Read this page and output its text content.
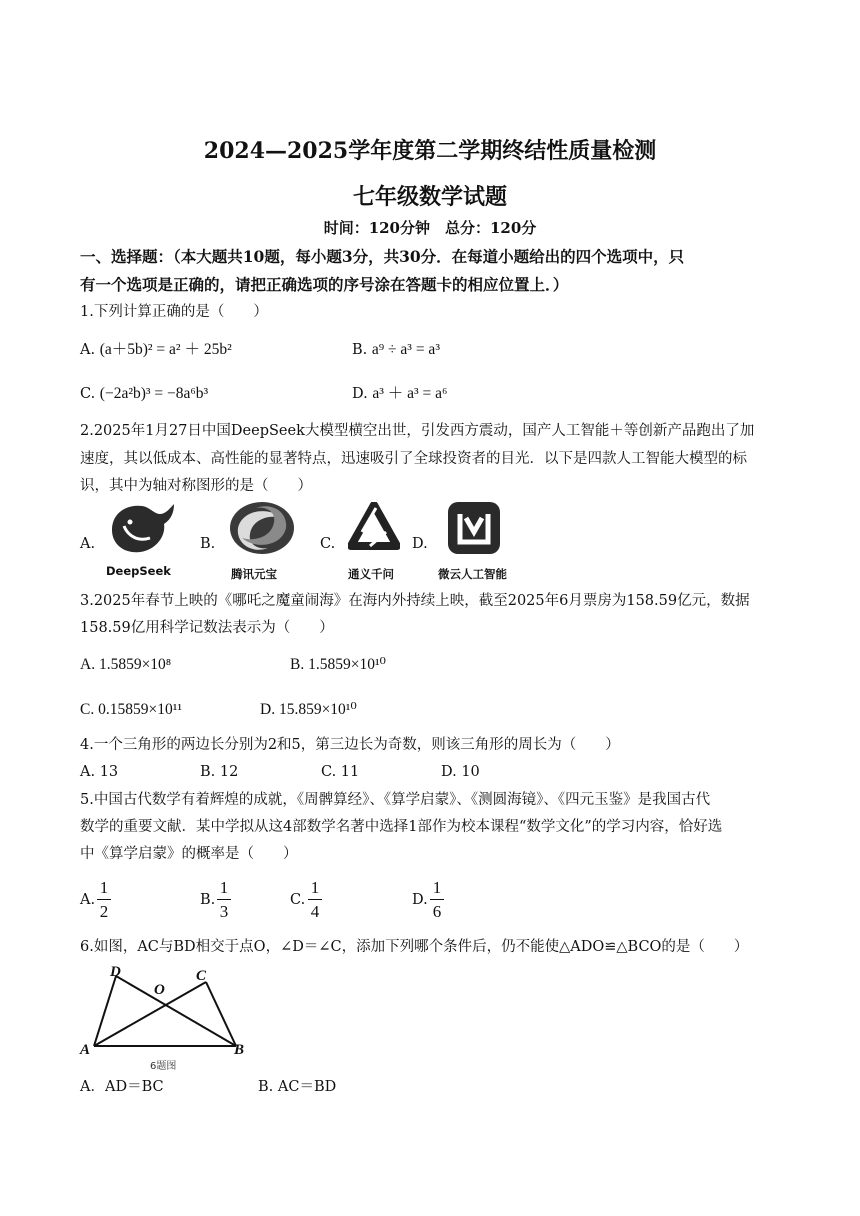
2024—2025学年度第二学期终结性质量检测
七年级数学试题
时间：120分钟　总分：120分
一、选择题：（本大题共10题，每小题3分，共30分．在每道小题给出的四个选项中，只
有一个选项是正确的，请把正确选项的序号涂在答题卡的相应位置上．）
1.下列计算正确的是（　　）
A. (a＋5b)² = a² ＋ 25b²	B. a⁹ ÷ a³ = a³
C. (−2a²b)³ = −8a⁶b³	D. a³ ＋ a³ = a⁶
2.2025年1月27日中国DeepSeek大模型横空出世，引发西方震动，国产人工智能＋等创新产品跑出了加
速度，其以低成本、高性能的显著特点，迅速吸引了全球投资者的目光．以下是四款人工智能大模型的标
识，其中为轴对称图形的是（　　）
A.
DeepSeek
B.
腾讯元宝
C.
通义千问
D.
微云人工智能
3.2025年春节上映的《哪吒之魔童闹海》在海内外持续上映，截至2025年6月票房为158.59亿元，数据
158.59亿用科学记数法表示为（　　）
A. 1.5859×10⁸	B. 1.5859×10¹⁰
C. 0.15859×10¹¹	D. 15.859×10¹⁰
4.一个三角形的两边长分别为2和5，第三边长为奇数，则该三角形的周长为（　　）
A. 13	B. 12	C. 11	D. 10
5.中国古代数学有着辉煌的成就，《周髀算经》、《算学启蒙》、《测圆海镜》、《四元玉鉴》是我国古代
数学的重要文献．某中学拟从这4部数学名著中选择1部作为校本课程“数学文化”的学习内容，恰好选
中《算学启蒙》的概率是（　　）
A.
1
2
B.
1
3
C.
1
4
D.
1
6
6.如图，AC与BD相交于点O，∠D＝∠C，添加下列哪个条件后，仍不能使△ADO≌△BCO的是（　　）
D
O
C
A	B
6题图
A．AD＝BC	B. AC＝BD
